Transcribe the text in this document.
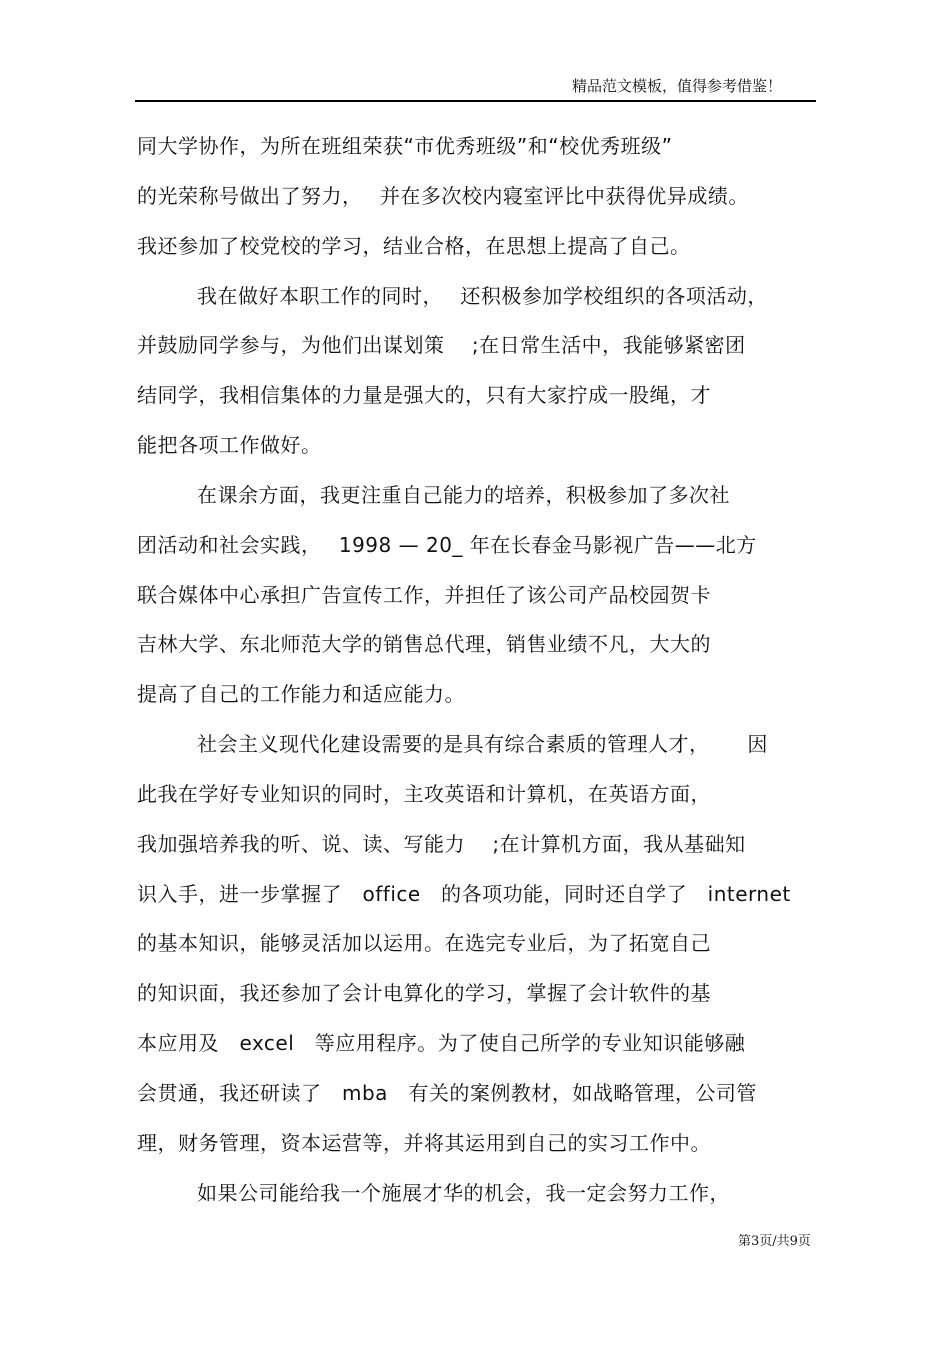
精品范文模板，值得参考借鉴！
同大学协作，为所在班组荣获“市优秀班级”和“校优秀班级”
的光荣称号做出了努力，　 并在多次校内寝室评比中获得优异成绩。
我还参加了校党校的学习，结业合格，在思想上提高了自己。
我在做好本职工作的同时，　 还积极参加学校组织的各项活动，
并鼓励同学参与，为他们出谋划策　 ;在日常生活中，我能够紧密团
结同学，我相信集体的力量是强大的，只有大家拧成一股绳，才
能把各项工作做好。
在课余方面，我更注重自己能力的培养，积极参加了多次社
团活动和社会实践，　 1998 — 20_ 年在长春金马影视广告——北方
联合媒体中心承担广告宣传工作，并担任了该公司产品校园贺卡
吉林大学、东北师范大学的销售总代理，销售业绩不凡，大大的
提高了自己的工作能力和适应能力。
社会主义现代化建设需要的是具有综合素质的管理人才，　　 因
此我在学好专业知识的同时，主攻英语和计算机，在英语方面，
我加强培养我的听、说、读、写能力　 ;在计算机方面，我从基础知
识入手，进一步掌握了　office　的各项功能，同时还自学了　internet
的基本知识，能够灵活加以运用。在选完专业后，为了拓宽自己
的知识面，我还参加了会计电算化的学习，掌握了会计软件的基
本应用及　excel　等应用程序。为了使自己所学的专业知识能够融
会贯通，我还研读了　mba　有关的案例教材，如战略管理，公司管
理，财务管理，资本运营等，并将其运用到自己的实习工作中。
如果公司能给我一个施展才华的机会，我一定会努力工作，
第3页/共9页
